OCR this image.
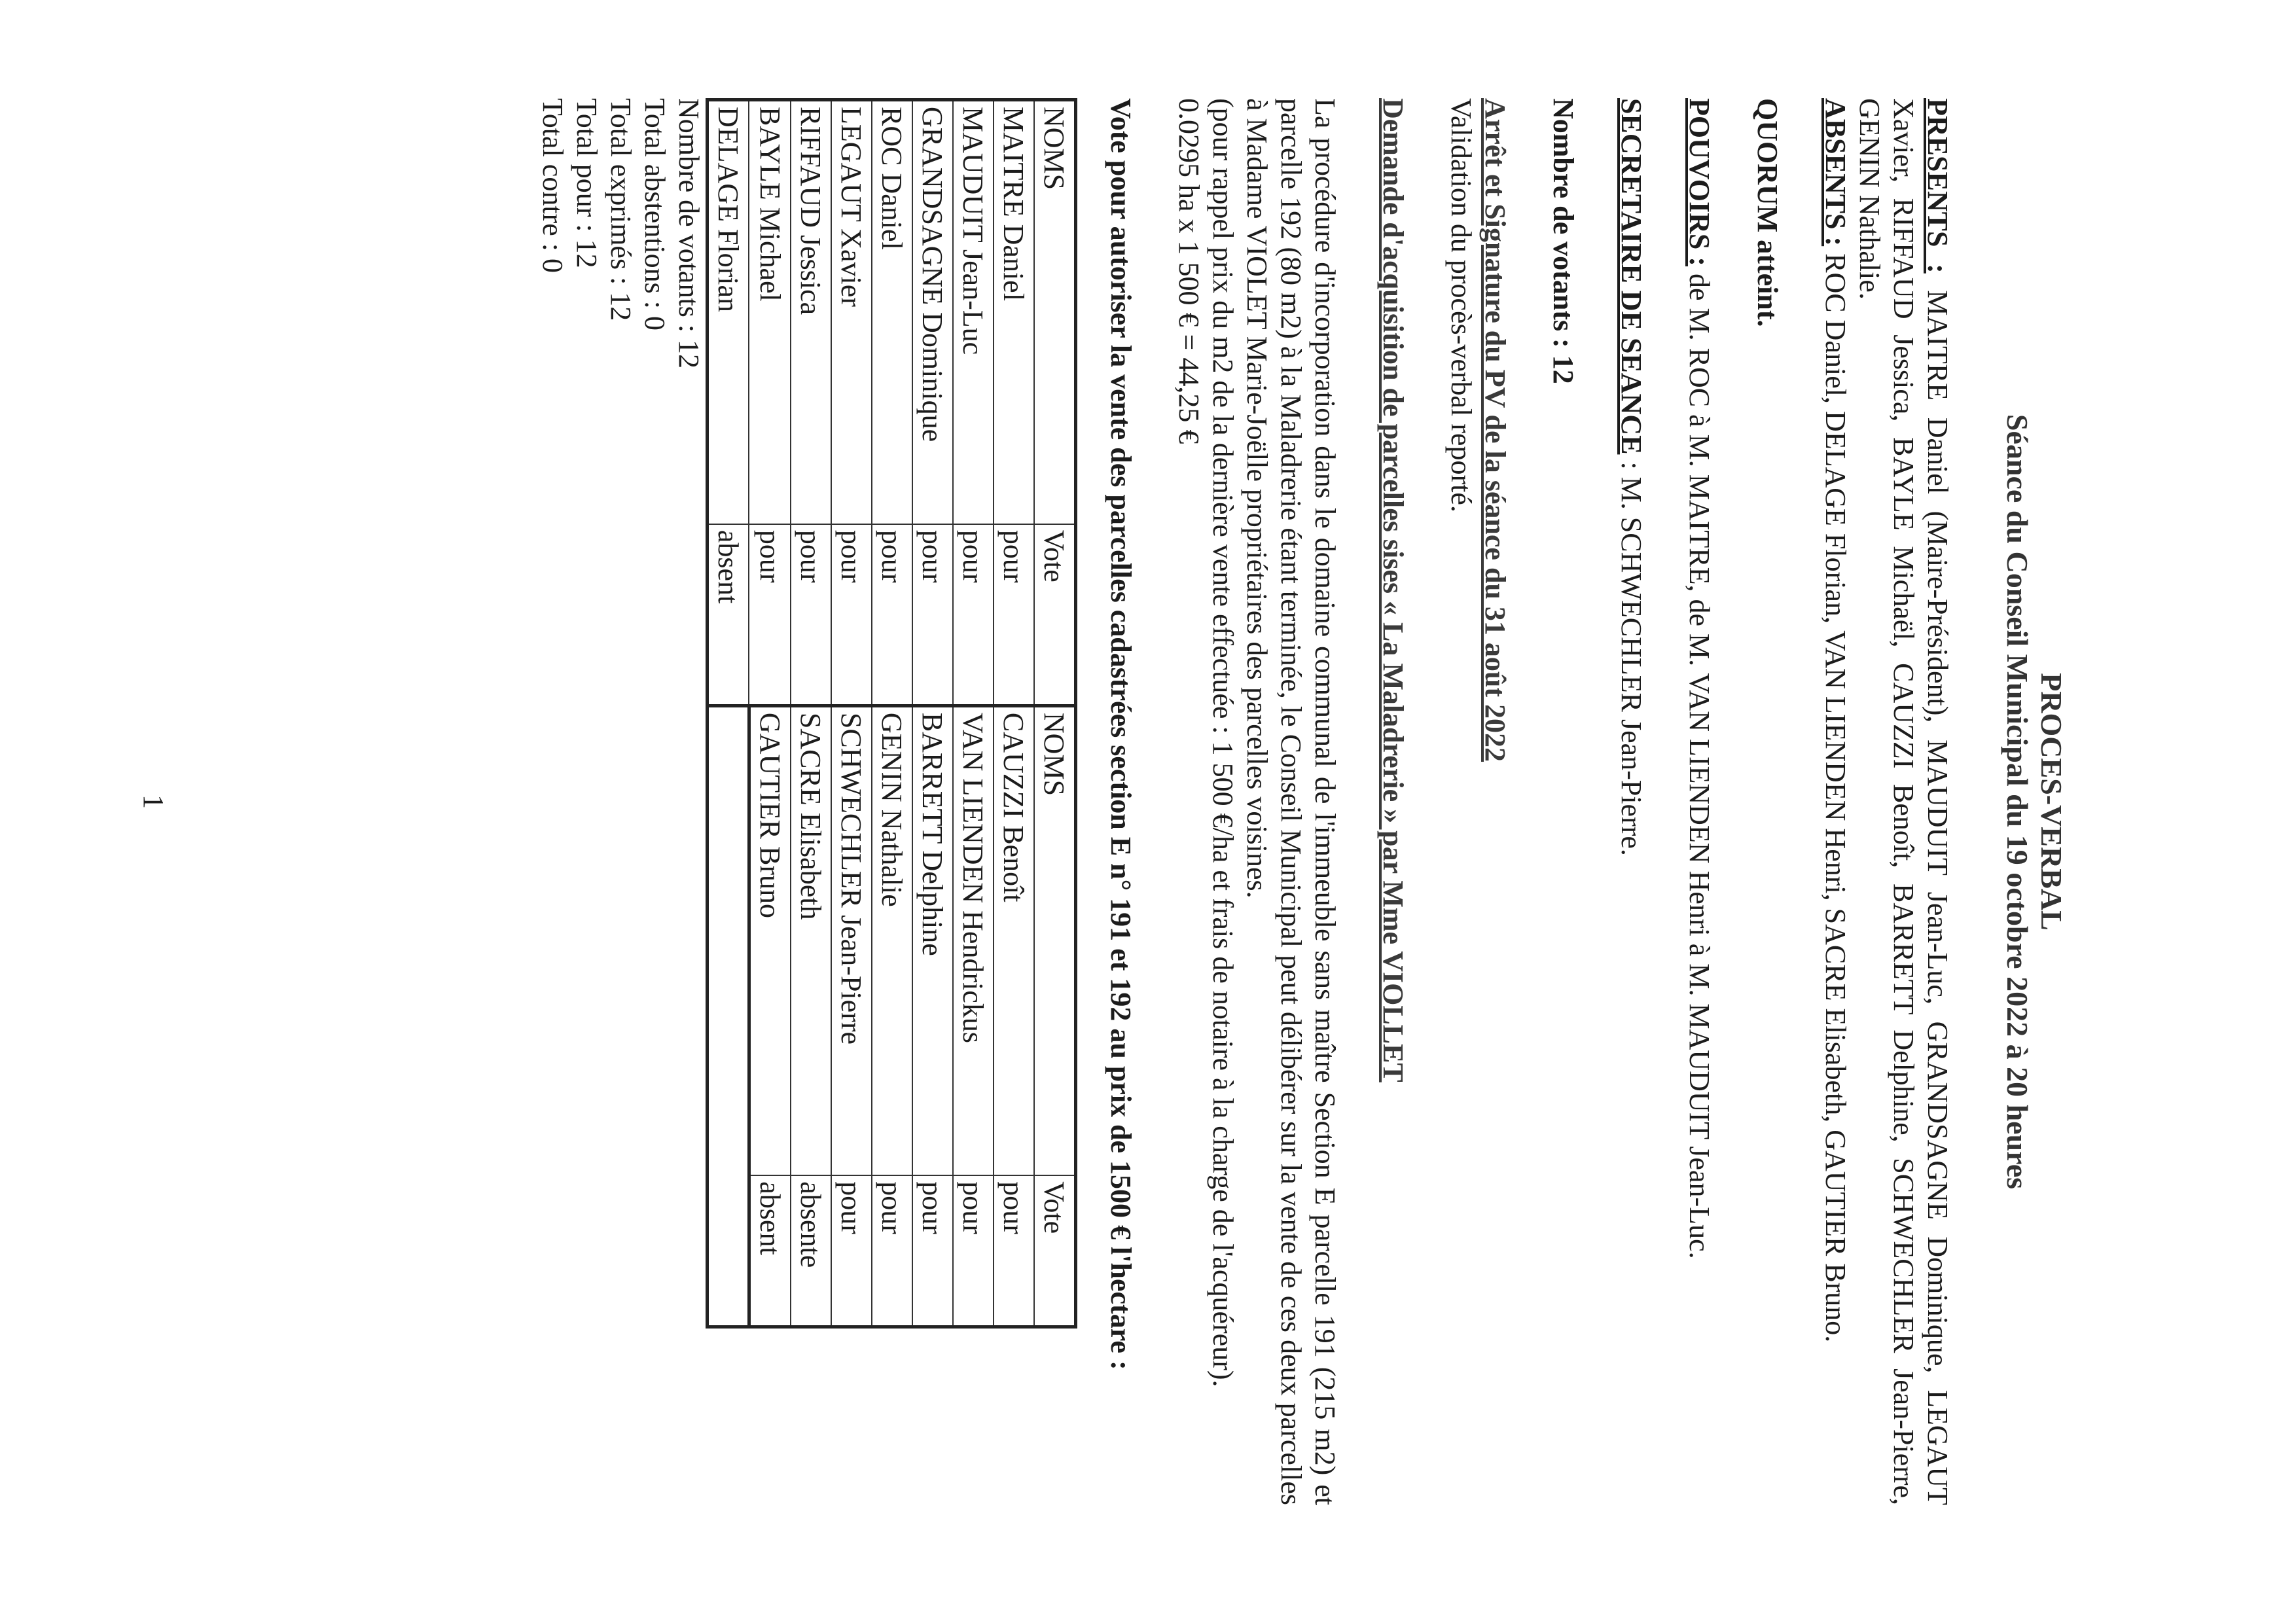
PROCES-VERBAL
Séance du Conseil Municipal du 19 octobre 2022 à 20 heures

PRESENTS : MAITRE Daniel (Maire-Président), MAUDUIT Jean-Luc, GRANDSAGNE Dominique, LEGAUT Xavier, RIFFAUD Jessica, BAYLE Michaël, CAUZZI Benoît, BARRETT Delphine, SCHWECHLER Jean-Pierre, GENIN Nathalie.

ABSENTS : ROC Daniel, DELAGE Florian, VAN LIENDEN Henri, SACRE Elisabeth, GAUTIER Bruno.

QUORUM atteint.

POUVOIRS : de M. ROC à M. MAITRE, de M. VAN LIENDEN Henri à M. MAUDUIT Jean-Luc.

SECRETAIRE DE SEANCE : M. SCHWECHLER Jean-Pierre.

Nombre de votants : 12

Arrêt et Signature du PV de la séance du 31 août 2022

Validation du procès-verbal reporté.

Demande d'acquisition de parcelles sises « La Maladrerie » par Mme VIOLLET

La procédure d'incorporation dans le domaine communal de l'immeuble sans maître Section E parcelle 191 (215 m2) et parcelle 192 (80 m2) à la Maladrerie étant terminée, le Conseil Municipal peut délibérer sur la vente de ces deux parcelles à Madame VIOLET Marie-Joëlle propriétaires des parcelles voisines.

(pour rappel prix du m2 de la dernière vente effectuée : 1 500 €/ha et frais de notaire à la charge de l'acquéreur).

0.0295 ha x 1 500 € = 44,25 €

Vote pour autoriser la vente des parcelles cadastrées section E n° 191 et 192 au prix de 1500 € l'hectare :

NOMS	Vote	NOMS	Vote
MAITRE Daniel	pour	CAUZZI Benoît	pour
MAUDUIT Jean-Luc	pour	VAN LIENDEN Hendrickus	pour
GRANDSAGNE Dominique	pour	BARRETT Delphine	pour
ROC Daniel	pour	GENIN Nathalie	pour
LEGAUT Xavier	pour	SCHWECHLER Jean-Pierre	pour
RIFFAUD Jessica	pour	SACRE Elisabeth	absente
BAYLE Michael	pour	GAUTIER Bruno	absent
DELAGE Florian	absent		

Nombre de votants : 12

Total abstentions : 0

Total exprimés : 12

Total pour : 12

Total contre : 0

1
